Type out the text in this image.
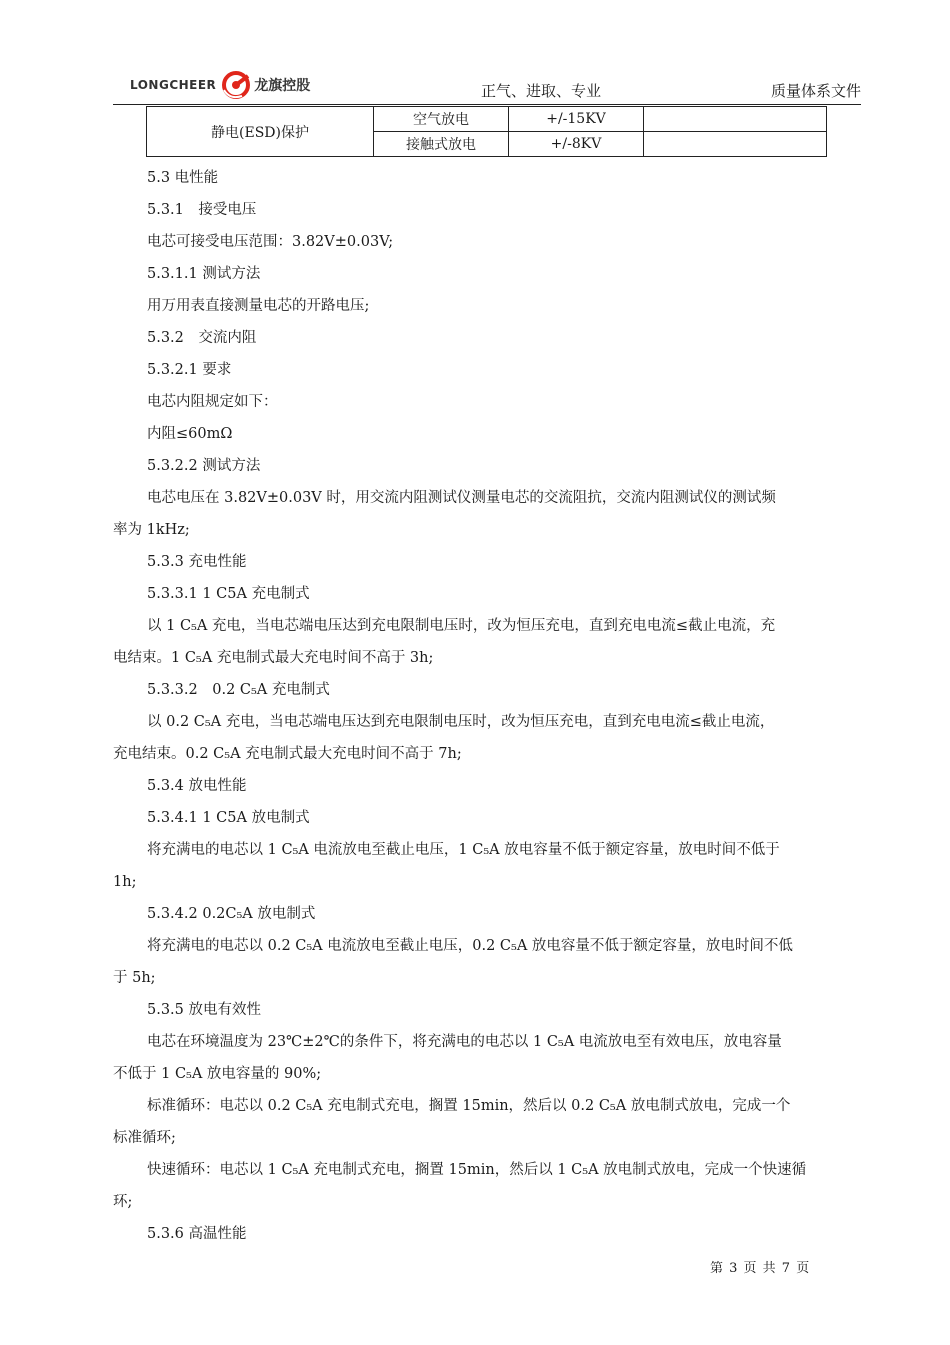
LONGCHEER	龙旗控股	正气、进取、专业	质量体系文件
静电(ESD)保护	空气放电	+/-15KV	
	接触式放电	+/-8KV	
5.3 电性能
5.3.1　接受电压
电芯可接受电压范围：3.82V±0.03V;
5.3.1.1 测试方法
用万用表直接测量电芯的开路电压;
5.3.2　交流内阻
5.3.2.1 要求
电芯内阻规定如下：
内阻≤60mΩ
5.3.2.2 测试方法
电芯电压在 3.82V±0.03V 时，用交流内阻测试仪测量电芯的交流阻抗，交流内阻测试仪的测试频
率为 1kHz;
5.3.3 充电性能
5.3.3.1 1 C5A 充电制式
以 1 C₅A 充电，当电芯端电压达到充电限制电压时，改为恒压充电，直到充电电流≤截止电流，充
电结束。1 C₅A 充电制式最大充电时间不高于 3h;
5.3.3.2　0.2 C₅A 充电制式
以 0.2 C₅A 充电，当电芯端电压达到充电限制电压时，改为恒压充电，直到充电电流≤截止电流，
充电结束。0.2 C₅A 充电制式最大充电时间不高于 7h;
5.3.4 放电性能
5.3.4.1 1 C5A 放电制式
将充满电的电芯以 1 C₅A 电流放电至截止电压，1 C₅A 放电容量不低于额定容量，放电时间不低于
1h;
5.3.4.2 0.2C₅A 放电制式
将充满电的电芯以 0.2 C₅A 电流放电至截止电压，0.2 C₅A 放电容量不低于额定容量，放电时间不低
于 5h;
5.3.5 放电有效性
电芯在环境温度为 23℃±2℃的条件下，将充满电的电芯以 1 C₅A 电流放电至有效电压，放电容量
不低于 1 C₅A 放电容量的 90%;
标准循环：电芯以 0.2 C₅A 充电制式充电，搁置 15min，然后以 0.2 C₅A 放电制式放电，完成一个
标准循环;
快速循环：电芯以 1 C₅A 充电制式充电，搁置 15min，然后以 1 C₅A 放电制式放电，完成一个快速循
环;
5.3.6 高温性能
第 3 页 共 7 页
